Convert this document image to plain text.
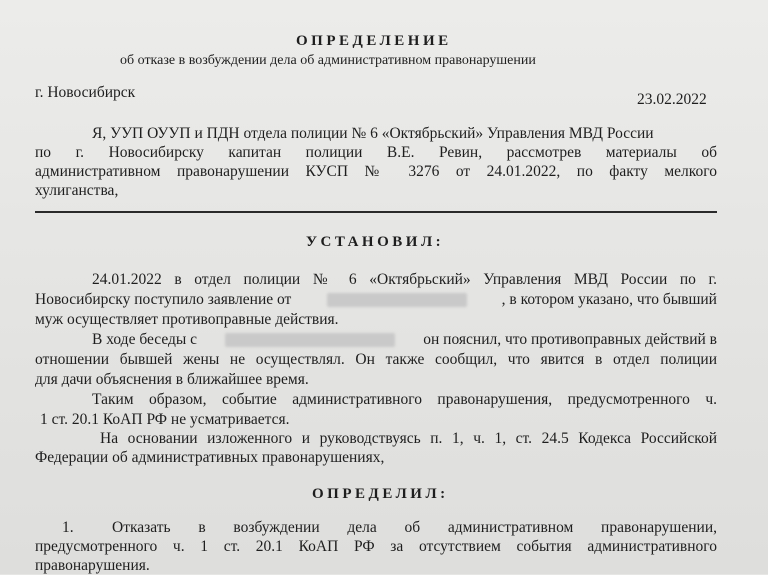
ОПРЕДЕЛЕНИЕ
об отказе в возбуждении дела об административном правонарушении
г. Новосибирск	23.02.2022
Я, УУП ОУУП и ПДН отдела полиции № 6 «Октябрьский» Управления МВД России
по г. Новосибирску капитан полиции В.Е. Ревин, рассмотрев материалы об
административном правонарушении КУСП № 3276 от 24.01.2022, по факту мелкого
хулиганства,
УСТАНОВИЛ:
24.01.2022 в отдел полиции № 6 «Октябрьский» Управления МВД России по г.
Новосибирску поступило заявление от	, в котором указано, что бывший
муж осуществляет противоправные действия.
В ходе беседы с	он пояснил, что противоправных действий в
отношении бывшей жены не осуществлял. Он также сообщил, что явится в отдел полиции
для дачи объяснения в ближайшее время.
Таким образом, событие административного правонарушения, предусмотренного ч.
1 ст. 20.1 КоАП РФ не усматривается.
На основании изложенного и руководствуясь п. 1, ч. 1, ст. 24.5 Кодекса Российской
Федерации об административных правонарушениях,
ОПРЕДЕЛИЛ:
1.	Отказать в возбуждении дела об административном правонарушении,
предусмотренного ч. 1 ст. 20.1 КоАП РФ за отсутствием события административного
правонарушения.
